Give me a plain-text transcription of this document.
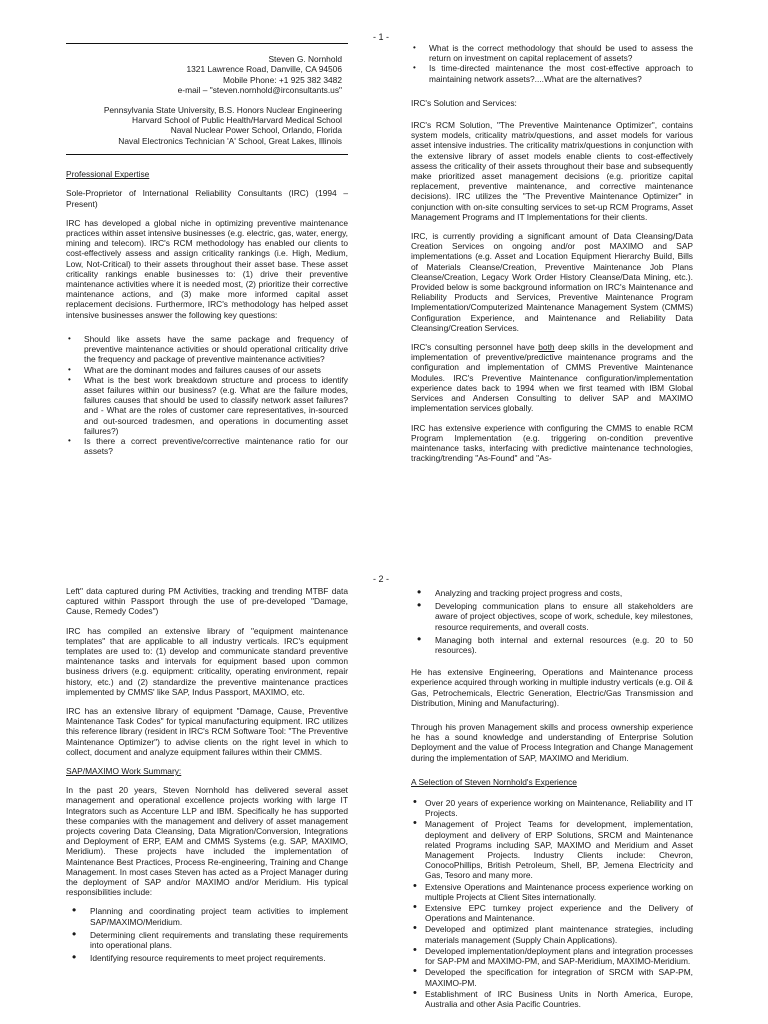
- 1 -
Steven G. Nornhold
1321 Lawrence Road, Danville, CA 94506
Mobile Phone: +1 925 382 3482
e-mail – "steven.nornhold@irconsultants.us"
Pennsylvania State University, B.S. Honors Nuclear Engineering
Harvard School of Public Health/Harvard Medical School
Naval Nuclear Power School, Orlando, Florida
Naval Electronics Technician 'A' School, Great Lakes, Illinois
Professional Expertise

Sole-Proprietor of International Reliability Consultants (IRC) (1994 – Present)

IRC has developed a global niche in optimizing preventive maintenance practices within asset intensive businesses (e.g. electric, gas, water, energy, mining and telecom). IRC's RCM methodology has enabled our clients to cost-effectively assess and assign criticality rankings (i.e. High, Medium, Low, Not-Critical) to their assets throughout their asset base. These asset criticality rankings enable businesses to: (1) drive their preventive maintenance activities where it is needed most, (2) prioritize their corrective maintenance actions, and (3) make more informed capital asset replacement decisions. Furthermore, IRC's methodology has helped asset intensive businesses answer the following key questions:

• Should like assets have the same package and frequency of preventive maintenance activities or should operational criticality drive the frequency and package of preventive maintenance activities?
• What are the dominant modes and failures causes of our assets
• What is the best work breakdown structure and process to identify asset failures within our business? (e.g. What are the failure modes, failures causes that should be used to classify network asset failures? and - What are the roles of customer care representatives, in-sourced and out-sourced tradesmen, and operations in documenting asset failures?)
• Is there a correct preventive/corrective maintenance ratio for our assets?
• What is the correct methodology that should be used to assess the return on investment on capital replacement of assets?
• Is time-directed maintenance the most cost-effective approach to maintaining network assets?....What are the alternatives?

IRC's Solution and Services:

IRC's RCM Solution, "The Preventive Maintenance Optimizer", contains system models, criticality matrix/questions, and asset models for various asset intensive industries. The criticality matrix/questions in conjunction with the extensive library of asset models enable clients to cost-effectively assess the criticality of their assets throughout their base and subsequently make prioritized asset management decisions (e.g. prioritize capital replacement, preventive maintenance, and corrective maintenance decisions). IRC utilizes the "The Preventive Maintenance Optimizer" in conjunction with on-site consulting services to set-up RCM Programs, Asset Management Programs and IT Implementations for their clients.

IRC, is currently providing a significant amount of Data Cleansing/Data Creation Services on ongoing and/or post MAXIMO and SAP implementations (e.g. Asset and Location Equipment Hierarchy Build, Bills of Materials Cleanse/Creation, Preventive Maintenance Job Plans Cleanse/Creation, Legacy Work Order History Cleanse/Data Mining, etc.). Provided below is some background information on IRC's Maintenance and Reliability Products and Services, Preventive Maintenance Program Implementation/Computerized Maintenance Management System (CMMS) Configuration Experience, and Maintenance and Reliability Data Cleansing/Creation Services.

IRC's consulting personnel have both deep skills in the development and implementation of preventive/predictive maintenance programs and the configuration and implementation of CMMS Preventive Maintenance Modules. IRC's Preventive Maintenance configuration/implementation experience dates back to 1994 when we first teamed with IBM Global Services and Andersen Consulting to deliver SAP and MAXIMO implementation services globally.

IRC has extensive experience with configuring the CMMS to enable RCM Program Implementation (e.g. triggering on-condition preventive maintenance tasks, interfacing with predictive maintenance technologies, tracking/trending "As-Found" and "As-

- 2 -

Left" data captured during PM Activities, tracking and trending MTBF data captured within Passport through the use of pre-developed "Damage, Cause, Remedy Codes")

IRC has compiled an extensive library of "equipment maintenance templates" that are applicable to all industry verticals. IRC's equipment templates are used to: (1) develop and communicate standard preventive maintenance tasks and intervals for equipment based upon common business drivers (e.g. equipment: criticality, operating environment, repair history, etc.) and (2) standardize the preventive maintenance practices implemented by CMMS' like SAP, Indus Passport, MAXIMO, etc.

IRC has an extensive library of equipment "Damage, Cause, Preventive Maintenance Task Codes" for typical manufacturing equipment. IRC utilizes this reference library (resident in IRC's RCM Software Tool: "The Preventive Maintenance Optimizer") to advise clients on the right level in which to collect, document and analyze equipment failures within their CMMS.

SAP/MAXIMO Work Summary:

In the past 20 years, Steven Nornhold has delivered several asset management and operational excellence projects working with large IT Integrators such as Accenture LLP and IBM. Specifically he has supported these companies with the management and delivery of asset management projects covering Data Cleansing, Data Migration/Conversion, Integrations and Deployment of ERP, EAM and CMMS Systems (e.g. SAP, MAXIMO, Meridium). These projects have included the implementation of Maintenance Best Practices, Process Re-engineering, Training and Change Management. In most cases Steven has acted as a Project Manager during the deployment of SAP and/or MAXIMO and/or Meridium. His typical responsibilities include:

• Planning and coordinating project team activities to implement SAP/MAXIMO/Meridium.
• Determining client requirements and translating these requirements into operational plans.
• Identifying resource requirements to meet project requirements.
• Analyzing and tracking project progress and costs,
• Developing communication plans to ensure all stakeholders are aware of project objectives, scope of work, schedule, key milestones, resource requirements, and overall costs.
• Managing both internal and external resources (e.g. 20 to 50 resources).

He has extensive Engineering, Operations and Maintenance process experience acquired through working in multiple industry verticals (e.g. Oil & Gas, Petrochemicals, Electric Generation, Electric/Gas Transmission and Distribution, Mining and Manufacturing).

Through his proven Management skills and process ownership experience he has a sound knowledge and understanding of Enterprise Solution Deployment and the value of Process Integration and Change Management during the implementation of SAP, MAXIMO and Meridium.

A Selection of Steven Nornhold's Experience
• Over 20 years of experience working on Maintenance, Reliability and IT Projects.
• Management of Project Teams for development, implementation, deployment and delivery of ERP Solutions, SRCM and Maintenance related Programs including SAP, MAXIMO and Meridium and Asset Management Projects. Industry Clients include: Chevron, ConocoPhillips, British Petroleum, Shell, BP, Jemena Electricity and Gas, Tesoro and many more.
• Extensive Operations and Maintenance process experience working on multiple Projects at Client Sites internationally.
• Extensive EPC turnkey project experience and the Delivery of Operations and Maintenance.
• Developed and optimized plant maintenance strategies, including materials management (Supply Chain Applications).
• Developed implementation/deployment plans and integration processes for SAP-PM and MAXIMO-PM, and SAP-Meridium, MAXIMO-Meridium.
• Developed the specification for integration of SRCM with SAP-PM, MAXIMO-PM.
• Establishment of IRC Business Units in North America, Europe, Australia and other Asia Pacific Countries.
